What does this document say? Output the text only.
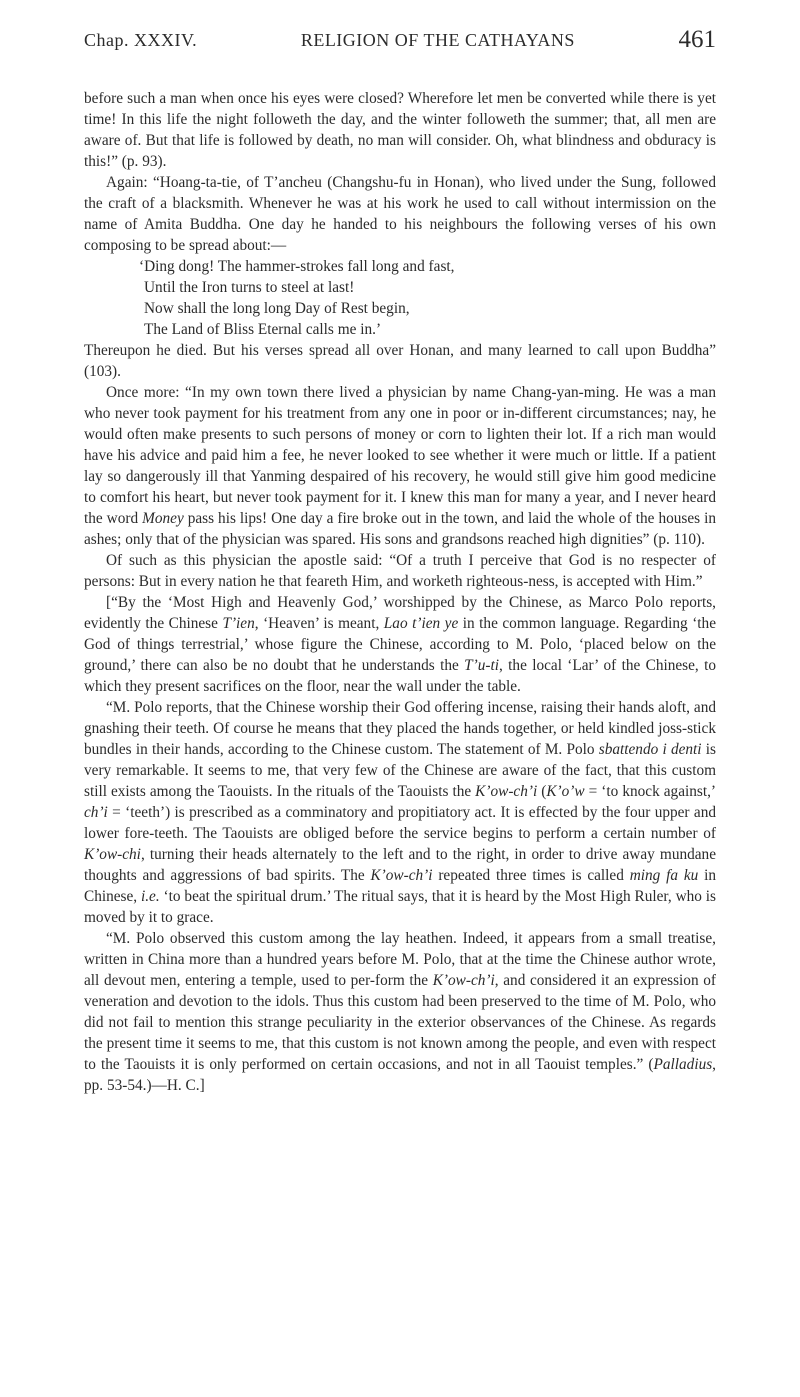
Chap. XXXIV.	RELIGION OF THE CATHAYANS	461

before such a man when once his eyes were closed? Wherefore let men be converted while there is yet time! In this life the night followeth the day, and the winter followeth the summer; that, all men are aware of. But that life is followed by death, no man will consider. Oh, what blindness and obduracy is this!” (p. 93).

Again: “Hoang-ta-tie, of T’ancheu (Changshu-fu in Honan), who lived under the Sung, followed the craft of a blacksmith. Whenever he was at his work he used to call without intermission on the name of Amita Buddha. One day he handed to his neighbours the following verses of his own composing to be spread about:—

‘Ding dong! The hammer-strokes fall long and fast,
Until the Iron turns to steel at last!
Now shall the long long Day of Rest begin,
The Land of Bliss Eternal calls me in.’

Thereupon he died. But his verses spread all over Honan, and many learned to call upon Buddha” (103).

Once more: “In my own town there lived a physician by name Chang-yan-ming. He was a man who never took payment for his treatment from any one in poor or in-different circumstances; nay, he would often make presents to such persons of money or corn to lighten their lot. If a rich man would have his advice and paid him a fee, he never looked to see whether it were much or little. If a patient lay so dangerously ill that Yanming despaired of his recovery, he would still give him good medicine to comfort his heart, but never took payment for it. I knew this man for many a year, and I never heard the word Money pass his lips! One day a fire broke out in the town, and laid the whole of the houses in ashes; only that of the physician was spared. His sons and grandsons reached high dignities” (p. 110).

Of such as this physician the apostle said: “Of a truth I perceive that God is no respecter of persons: But in every nation he that feareth Him, and worketh righteous-ness, is accepted with Him.”

[“By the ‘Most High and Heavenly God,’ worshipped by the Chinese, as Marco Polo reports, evidently the Chinese T’ien, ‘Heaven’ is meant, Lao t’ien ye in the common language. Regarding ‘the God of things terrestrial,’ whose figure the Chinese, according to M. Polo, ‘placed below on the ground,’ there can also be no doubt that he understands the T’u-ti, the local ‘Lar’ of the Chinese, to which they present sacrifices on the floor, near the wall under the table.

“M. Polo reports, that the Chinese worship their God offering incense, raising their hands aloft, and gnashing their teeth. Of course he means that they placed the hands together, or held kindled joss-stick bundles in their hands, according to the Chinese custom. The statement of M. Polo sbattendo i denti is very remarkable. It seems to me, that very few of the Chinese are aware of the fact, that this custom still exists among the Taouists. In the rituals of the Taouists the K’ow-ch’i (K’o’w = ‘to knock against,’ ch’i = ‘teeth’) is prescribed as a comminatory and propitiatory act. It is effected by the four upper and lower fore-teeth. The Taouists are obliged before the service begins to perform a certain number of K’ow-chi, turning their heads alternately to the left and to the right, in order to drive away mundane thoughts and aggressions of bad spirits. The K’ow-ch’i repeated three times is called ming fa ku in Chinese, i.e. ‘to beat the spiritual drum.’ The ritual says, that it is heard by the Most High Ruler, who is moved by it to grace.

“M. Polo observed this custom among the lay heathen. Indeed, it appears from a small treatise, written in China more than a hundred years before M. Polo, that at the time the Chinese author wrote, all devout men, entering a temple, used to per-form the K’ow-ch’i, and considered it an expression of veneration and devotion to the idols. Thus this custom had been preserved to the time of M. Polo, who did not fail to mention this strange peculiarity in the exterior observances of the Chinese. As regards the present time it seems to me, that this custom is not known among the people, and even with respect to the Taouists it is only performed on certain occasions, and not in all Taouist temples.” (Palladius, pp. 53-54.)—H. C.]
